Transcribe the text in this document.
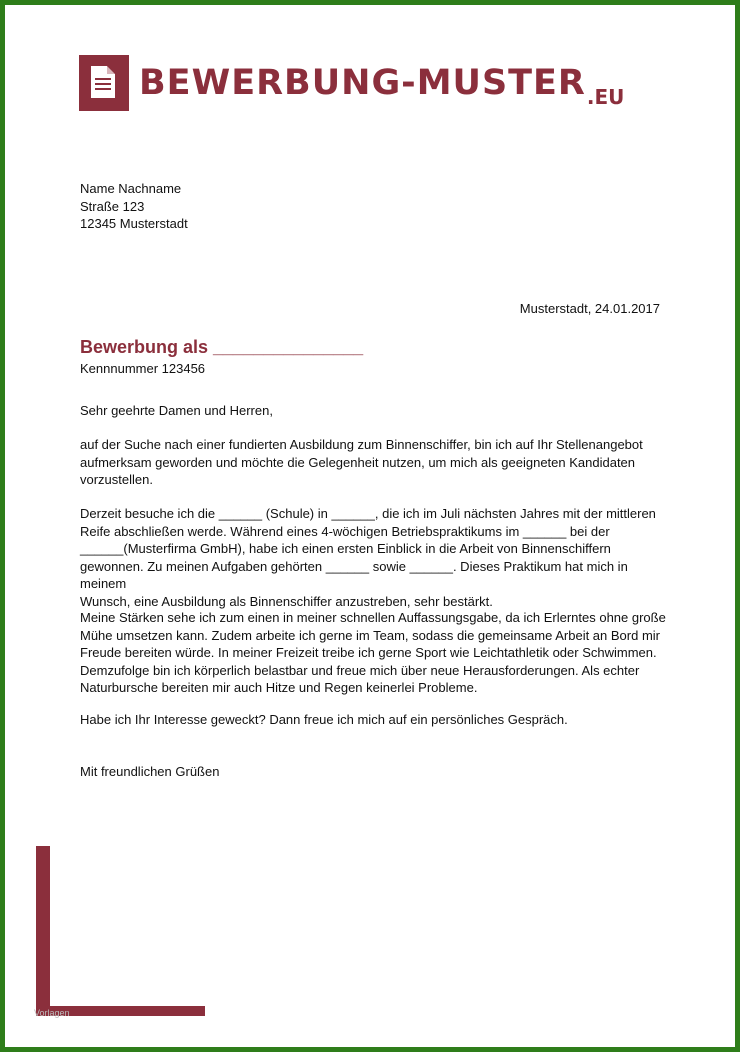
BEWERBUNG-MUSTER .EU
Name Nachname
Straße 123
12345 Musterstadt
Musterstadt, 24.01.2017
Bewerbung als _______________
Kennnummer 123456
Sehr geehrte Damen und Herren,
auf der Suche nach einer fundierten Ausbildung zum Binnenschiffer, bin ich auf Ihr Stellenangebot
aufmerksam geworden und möchte die Gelegenheit nutzen, um mich als geeigneten Kandidaten
vorzustellen.
Derzeit besuche ich die ______ (Schule) in ______, die ich im Juli nächsten Jahres mit der mittleren
Reife abschließen werde. Während eines 4-wöchigen Betriebspraktikums im ______ bei der
______(Musterfirma GmbH), habe ich einen ersten Einblick in die Arbeit von Binnenschiffern
gewonnen. Zu meinen Aufgaben gehörten ______ sowie ______. Dieses Praktikum hat mich in meinem
Wunsch, eine Ausbildung als Binnenschiffer anzustreben, sehr bestärkt.
Meine Stärken sehe ich zum einen in meiner schnellen Auffassungsgabe, da ich Erlerntes ohne große
Mühe umsetzen kann. Zudem arbeite ich gerne im Team, sodass die gemeinsame Arbeit an Bord mir
Freude bereiten würde. In meiner Freizeit treibe ich gerne Sport wie Leichtathletik oder Schwimmen.
Demzufolge bin ich körperlich belastbar und freue mich über neue Herausforderungen. Als echter
Naturbursche bereiten mir auch Hitze und Regen keinerlei Probleme.
Habe ich Ihr Interesse geweckt? Dann freue ich mich auf ein persönliches Gespräch.
Mit freundlichen Grüßen
Vorlagen
